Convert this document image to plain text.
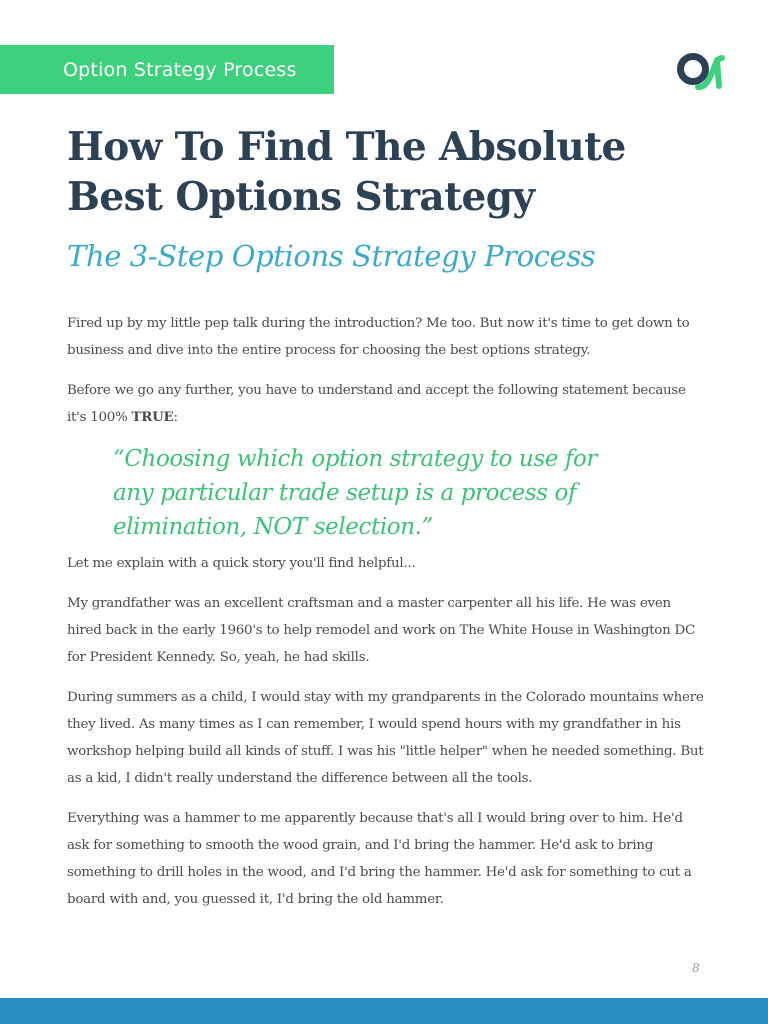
Option Strategy Process
How To Find The Absolute
Best Options Strategy
The 3-Step Options Strategy Process

Fired up by my little pep talk during the introduction? Me too. But now it's time to get down to business and dive into the entire process for choosing the best options strategy.

Before we go any further, you have to understand and accept the following statement because it's 100% TRUE:

“Choosing which option strategy to use for any particular trade setup is a process of elimination, NOT selection.”

Let me explain with a quick story you'll find helpful...

My grandfather was an excellent craftsman and a master carpenter all his life. He was even hired back in the early 1960's to help remodel and work on The White House in Washington DC for President Kennedy. So, yeah, he had skills.

During summers as a child, I would stay with my grandparents in the Colorado mountains where they lived. As many times as I can remember, I would spend hours with my grandfather in his workshop helping build all kinds of stuff. I was his "little helper" when he needed something. But as a kid, I didn't really understand the difference between all the tools.

Everything was a hammer to me apparently because that's all I would bring over to him. He'd ask for something to smooth the wood grain, and I'd bring the hammer. He'd ask to bring something to drill holes in the wood, and I'd bring the hammer. He'd ask for something to cut a board with and, you guessed it, I'd bring the old hammer.

8
